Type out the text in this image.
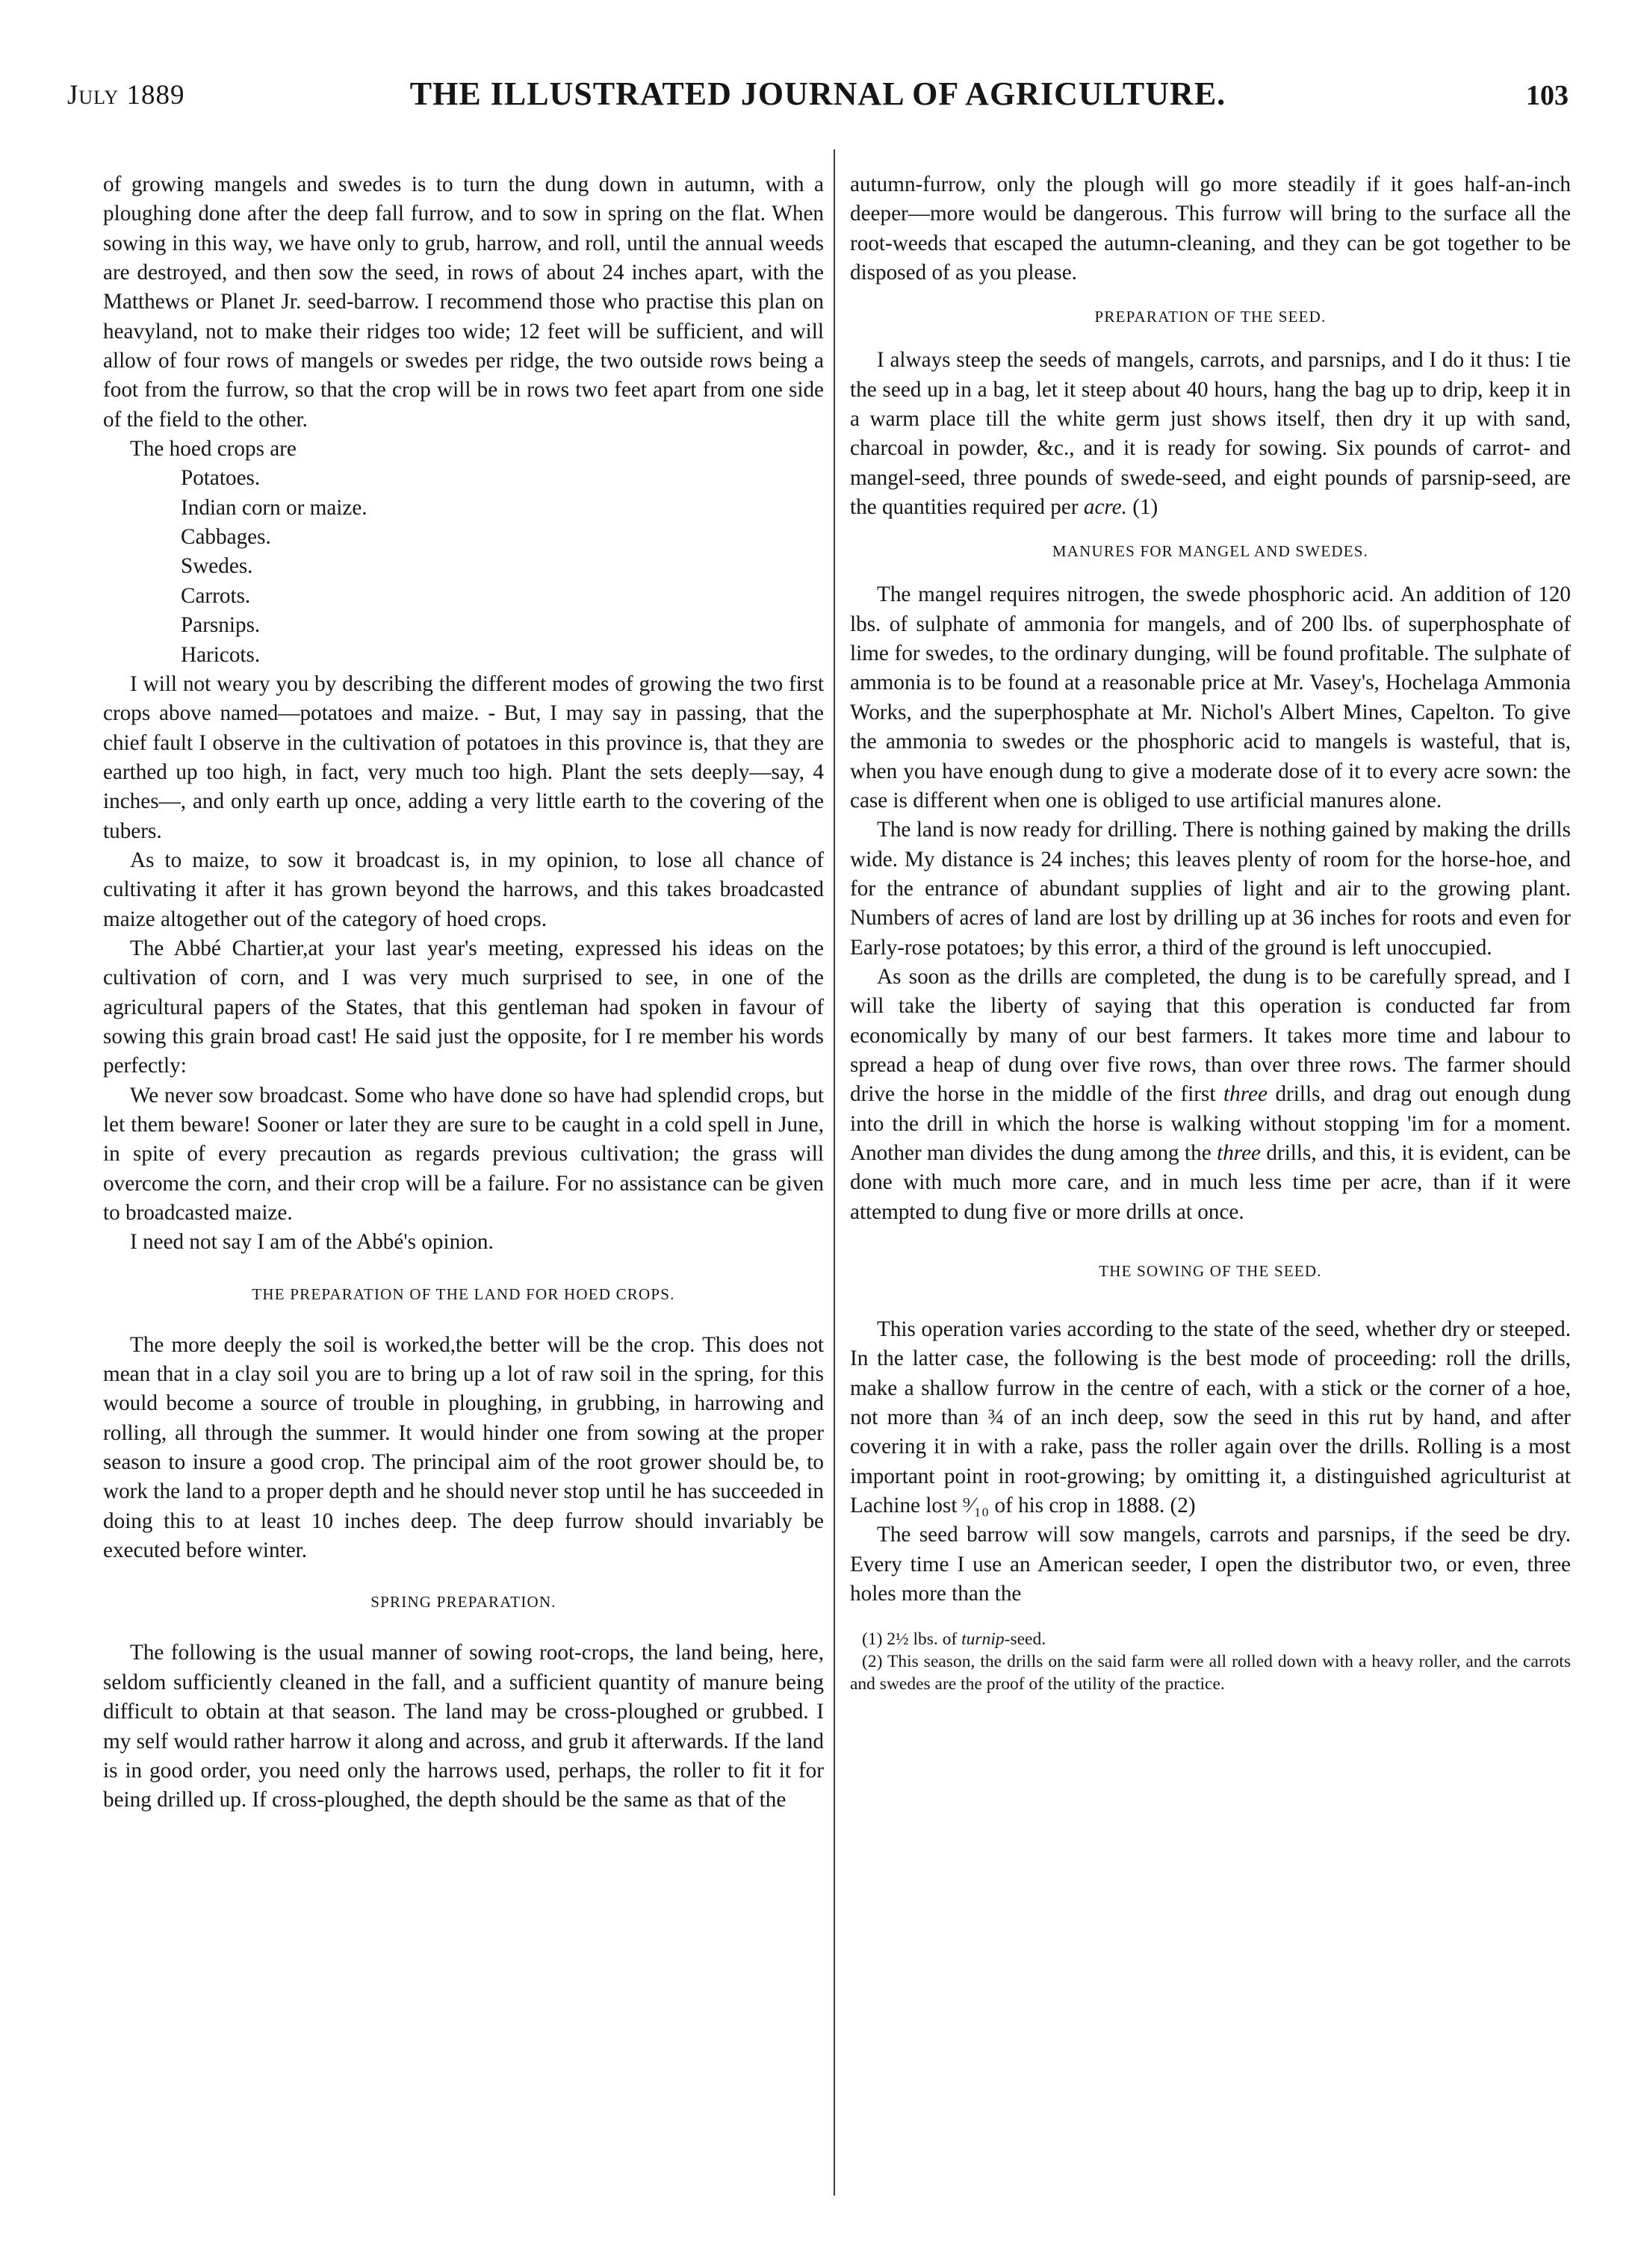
July 1889	THE ILLUSTRATED JOURNAL OF AGRICULTURE.	103

of growing mangels and swedes is to turn the dung down in autumn, with a ploughing done after the deep fall furrow, and to sow in spring on the flat. When sowing in this way, we have only to grub, harrow, and roll, until the annual weeds are destroyed, and then sow the seed, in rows of about 24 inches apart, with the Matthews or Planet Jr. seed-barrow. I recommend those who practise this plan on heavyland, not to make their ridges too wide; 12 feet will be sufficient, and will allow of four rows of mangels or swedes per ridge, the two outside rows being a foot from the furrow, so that the crop will be in rows two feet apart from one side of the field to the other.

The hoed crops are

Potatoes.
Indian corn or maize.
Cabbages.
Swedes.
Carrots.
Parsnips.
Haricots.

I will not weary you by describing the different modes of growing the two first crops above named—potatoes and maize. - But, I may say in passing, that the chief fault I observe in the cultivation of potatoes in this province is, that they are earthed up too high, in fact, very much too high. Plant the sets deeply—say, 4 inches—, and only earth up once, adding a very little earth to the covering of the tubers.

As to maize, to sow it broadcast is, in my opinion, to lose all chance of cultivating it after it has grown beyond the harrows, and this takes broadcasted maize altogether out of the category of hoed crops.

The Abbé Chartier,at your last year's meeting, expressed his ideas on the cultivation of corn, and I was very much surprised to see, in one of the agricultural papers of the States, that this gentleman had spoken in favour of sowing this grain broad cast! He said just the opposite, for I re member his words perfectly:

We never sow broadcast. Some who have done so have had splendid crops, but let them beware! Sooner or later they are sure to be caught in a cold spell in June, in spite of every precaution as regards previous cultivation; the grass will overcome the corn, and their crop will be a failure. For no assistance can be given to broadcasted maize.

I need not say I am of the Abbé's opinion.

THE PREPARATION OF THE LAND FOR HOED CROPS.

The more deeply the soil is worked,the better will be the crop. This does not mean that in a clay soil you are to bring up a lot of raw soil in the spring, for this would become a source of trouble in ploughing, in grubbing, in harrowing and rolling, all through the summer. It would hinder one from sowing at the proper season to insure a good crop. The principal aim of the root grower should be, to work the land to a proper depth and he should never stop until he has succeeded in doing this to at least 10 inches deep. The deep furrow should invariably be executed before winter.

SPRING PREPARATION.

The following is the usual manner of sowing root-crops, the land being, here, seldom sufficiently cleaned in the fall, and a sufficient quantity of manure being difficult to obtain at that season. The land may be cross-ploughed or grubbed. I my self would rather harrow it along and across, and grub it afterwards. If the land is in good order, you need only the harrows used, perhaps, the roller to fit it for being drilled up. If cross-ploughed, the depth should be the same as that of the

autumn-furrow, only the plough will go more steadily if it goes half-an-inch deeper—more would be dangerous. This furrow will bring to the surface all the root-weeds that escaped the autumn-cleaning, and they can be got together to be disposed of as you please.

PREPARATION OF THE SEED.

I always steep the seeds of mangels, carrots, and parsnips, and I do it thus: I tie the seed up in a bag, let it steep about 40 hours, hang the bag up to drip, keep it in a warm place till the white germ just shows itself, then dry it up with sand, charcoal in powder, &c., and it is ready for sowing. Six pounds of carrot- and mangel-seed, three pounds of swede-seed, and eight pounds of parsnip-seed, are the quantities required per acre. (1)

MANURES FOR MANGEL AND SWEDES.

The mangel requires nitrogen, the swede phosphoric acid. An addition of 120 lbs. of sulphate of ammonia for mangels, and of 200 lbs. of superphosphate of lime for swedes, to the ordinary dunging, will be found profitable. The sulphate of ammonia is to be found at a reasonable price at Mr. Vasey's, Hochelaga Ammonia Works, and the superphosphate at Mr. Nichol's Albert Mines, Capelton. To give the ammonia to swedes or the phosphoric acid to mangels is wasteful, that is, when you have enough dung to give a moderate dose of it to every acre sown: the case is different when one is obliged to use artificial manures alone.

The land is now ready for drilling. There is nothing gained by making the drills wide. My distance is 24 inches; this leaves plenty of room for the horse-hoe, and for the entrance of abundant supplies of light and air to the growing plant. Numbers of acres of land are lost by drilling up at 36 inches for roots and even for Early-rose potatoes; by this error, a third of the ground is left unoccupied.

As soon as the drills are completed, the dung is to be carefully spread, and I will take the liberty of saying that this operation is conducted far from economically by many of our best farmers. It takes more time and labour to spread a heap of dung over five rows, than over three rows. The farmer should drive the horse in the middle of the first three drills, and drag out enough dung into the drill in which the horse is walking without stopping 'im for a moment. Another man divides the dung among the three drills, and this, it is evident, can be done with much more care, and in much less time per acre, than if it were attempted to dung five or more drills at once.

THE SOWING OF THE SEED.

This operation varies according to the state of the seed, whether dry or steeped. In the latter case, the following is the best mode of proceeding: roll the drills, make a shallow furrow in the centre of each, with a stick or the corner of a hoe, not more than ¾ of an inch deep, sow the seed in this rut by hand, and after covering it in with a rake, pass the roller again over the drills. Rolling is a most important point in root-growing; by omitting it, a distinguished agriculturist at Lachine lost ⁹⁄₁₀ of his crop in 1888. (2)

The seed barrow will sow mangels, carrots and parsnips, if the seed be dry. Every time I use an American seeder, I open the distributor two, or even, three holes more than the

(1) 2½ lbs. of turnip-seed.

(2) This season, the drills on the said farm were all rolled down with a heavy roller, and the carrots and swedes are the proof of the utility of the practice.
